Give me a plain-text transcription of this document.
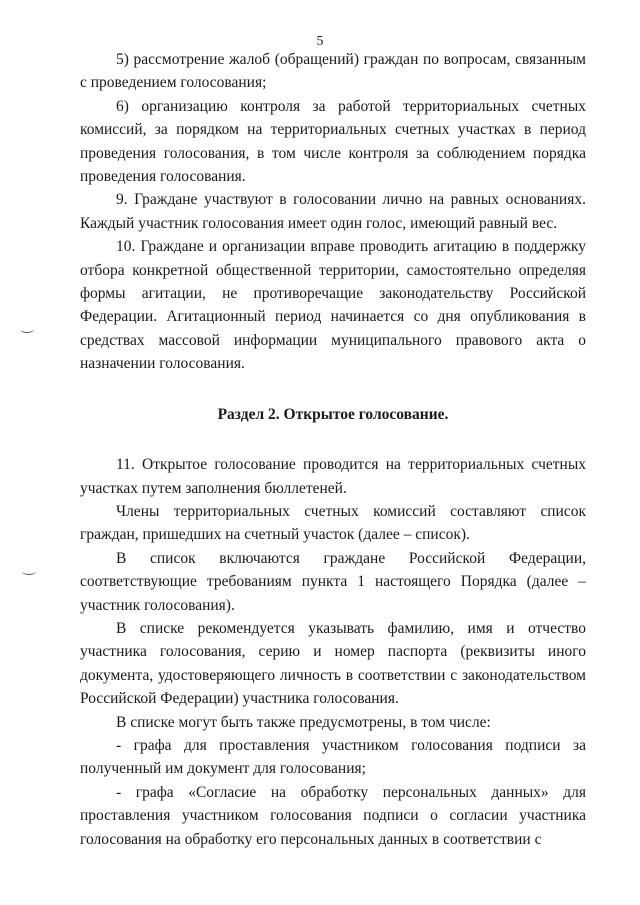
5

5) рассмотрение жалоб (обращений) граждан по вопросам, связанным с проведением голосования;

6) организацию контроля за работой территориальных счетных комиссий, за порядком на территориальных счетных участках в период проведения голосования, в том числе контроля за соблюдением порядка проведения голосования.

9. Граждане участвуют в голосовании лично на равных основаниях. Каждый участник голосования имеет один голос, имеющий равный вес.

10. Граждане и организации вправе проводить агитацию в поддержку отбора конкретной общественной территории, самостоятельно определяя формы агитации, не противоречащие законодательству Российской Федерации. Агитационный период начинается со дня опубликования в средствах массовой информации муниципального правового акта о назначении голосования.

Раздел 2. Открытое голосование.

11. Открытое голосование проводится на территориальных счетных участках путем заполнения бюллетеней.

Члены территориальных счетных комиссий составляют список граждан, пришедших на счетный участок (далее – список).

В список включаются граждане Российской Федерации, соответствующие требованиям пункта 1 настоящего Порядка (далее – участник голосования).

В списке рекомендуется указывать фамилию, имя и отчество участника голосования, серию и номер паспорта (реквизиты иного документа, удостоверяющего личность в соответствии с законодательством Российской Федерации) участника голосования.

В списке могут быть также предусмотрены, в том числе:

- графа для проставления участником голосования подписи за полученный им документ для голосования;

- графа «Согласие на обработку персональных данных» для проставления участником голосования подписи о согласии участника голосования на обработку его персональных данных в соответствии с
